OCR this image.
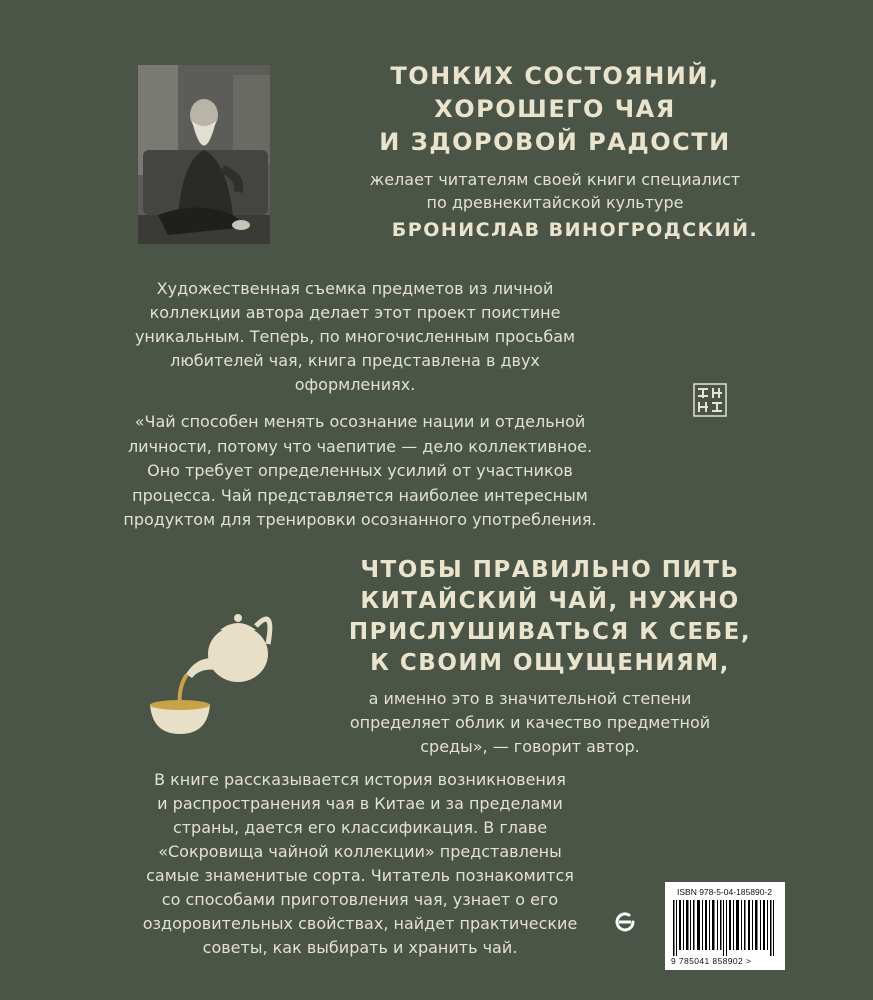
ТОНКИХ СОСТОЯНИЙ,
ХОРОШЕГО ЧАЯ
И ЗДОРОВОЙ РАДОСТИ
желает читателям своей книги специалист
по древнекитайской культуре
БРОНИСЛАВ ВИНОГРОДСКИЙ.
Художественная съемка предметов из личной
коллекции автора делает этот проект поистине
уникальным. Теперь, по многочисленным просьбам
любителей чая, книга представлена в двух
оформлениях.
«Чай способен менять осознание нации и отдельной
личности, потому что чаепитие — дело коллективное.
Оно требует определенных усилий от участников
процесса. Чай представляется наиболее интересным
продуктом для тренировки осознанного употребления.
ЧТОБЫ ПРАВИЛЬНО ПИТЬ
КИТАЙСКИЙ ЧАЙ, НУЖНО
ПРИСЛУШИВАТЬСЯ К СЕБЕ,
К СВОИМ ОЩУЩЕНИЯМ,
а именно это в значительной степени
определяет облик и качество предметной
среды», — говорит автор.
В книге рассказывается история возникновения
и распространения чая в Китае и за пределами
страны, дается его классификация. В главе
«Сокровища чайной коллекции» представлены
самые знаменитые сорта. Читатель познакомится
со способами приготовления чая, узнает о его
оздоровительных свойствах, найдет практические
советы, как выбирать и хранить чай.
ISBN 978-5-04-185890-2
9 785041 858902 >
